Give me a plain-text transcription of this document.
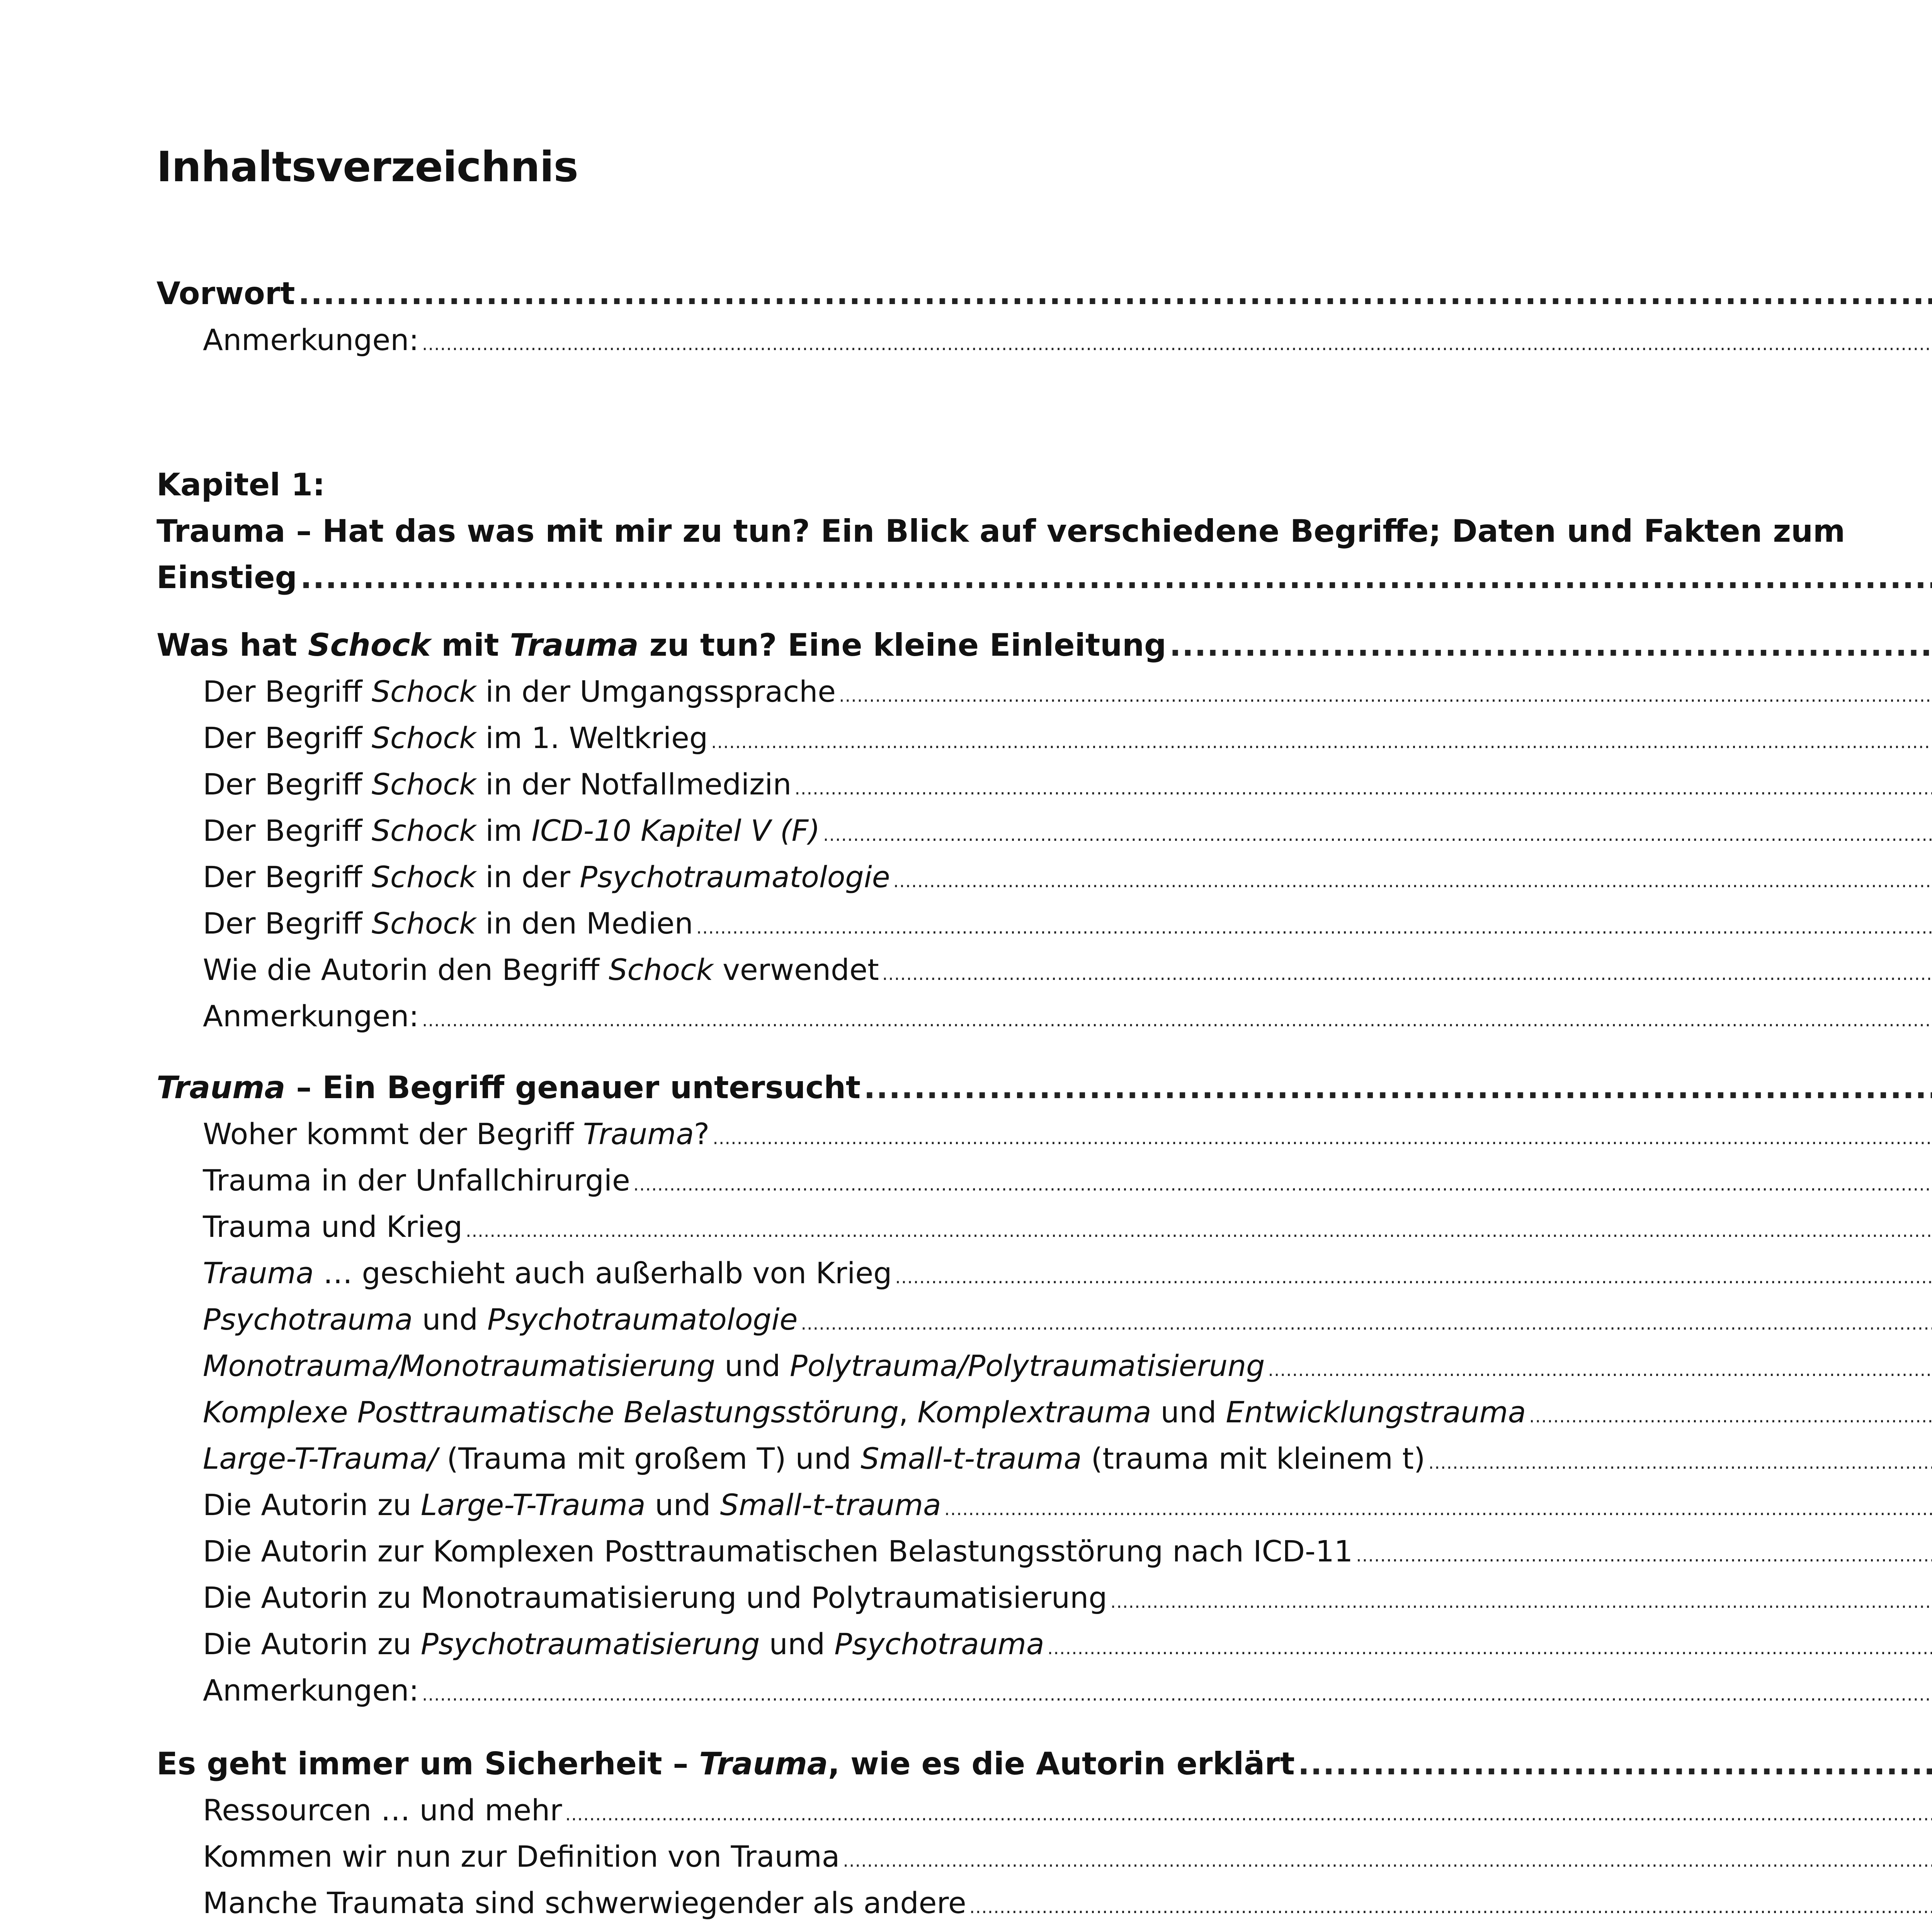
Inhaltsverzeichnis
Vorwort
.....
Anmerkungen:
.....
Kapitel 1:
Trauma – Hat das was mit mir zu tun? Ein Blick auf verschiedene Begriffe; Daten und Fakten zum
Einstieg
.....
Was hat Schock mit Trauma zu tun? Eine kleine Einleitung
.....
Trauma – Ein Begriff genauer untersucht
.....
Es geht immer um Sicherheit – Trauma, wie es die Autorin erklärt
.....
Der Begriff Schock in der Umgangssprache
.....
Der Begriff Schock im 1. Weltkrieg
.....
Der Begriff Schock in der Notfallmedizin
.....
Der Begriff Schock im ICD-10 Kapitel V (F)
.....
Der Begriff Schock in der Psychotraumatologie
.....
Der Begriff Schock in den Medien
.....
Wie die Autorin den Begriff Schock verwendet
.....
Anmerkungen:
.....
Woher kommt der Begriff Trauma?
.....
Trauma in der Unfallchirurgie
.....
Trauma und Krieg
.....
Trauma … geschieht auch außerhalb von Krieg
.....
Psychotrauma und Psychotraumatologie
.....
Monotrauma/Monotraumatisierung und Polytrauma/Polytraumatisierung
.....
Komplexe Posttraumatische Belastungsstörung, Komplextrauma und Entwicklungstrauma
.....
Large-T-Trauma/ (Trauma mit großem T) und Small-t-trauma (trauma mit kleinem t)
.....
Die Autorin zu Large-T-Trauma und Small-t-trauma
.....
Die Autorin zur Komplexen Posttraumatischen Belastungsstörung nach ICD-11
.....
Die Autorin zu Monotraumatisierung und Polytraumatisierung
.....
Die Autorin zu Psychotraumatisierung und Psychotrauma
.....
Anmerkungen:
.....
Ressourcen … und mehr
.....
Kommen wir nun zur Definition von Trauma
.....
Manche Traumata sind schwerwiegender als andere
.....
.....
